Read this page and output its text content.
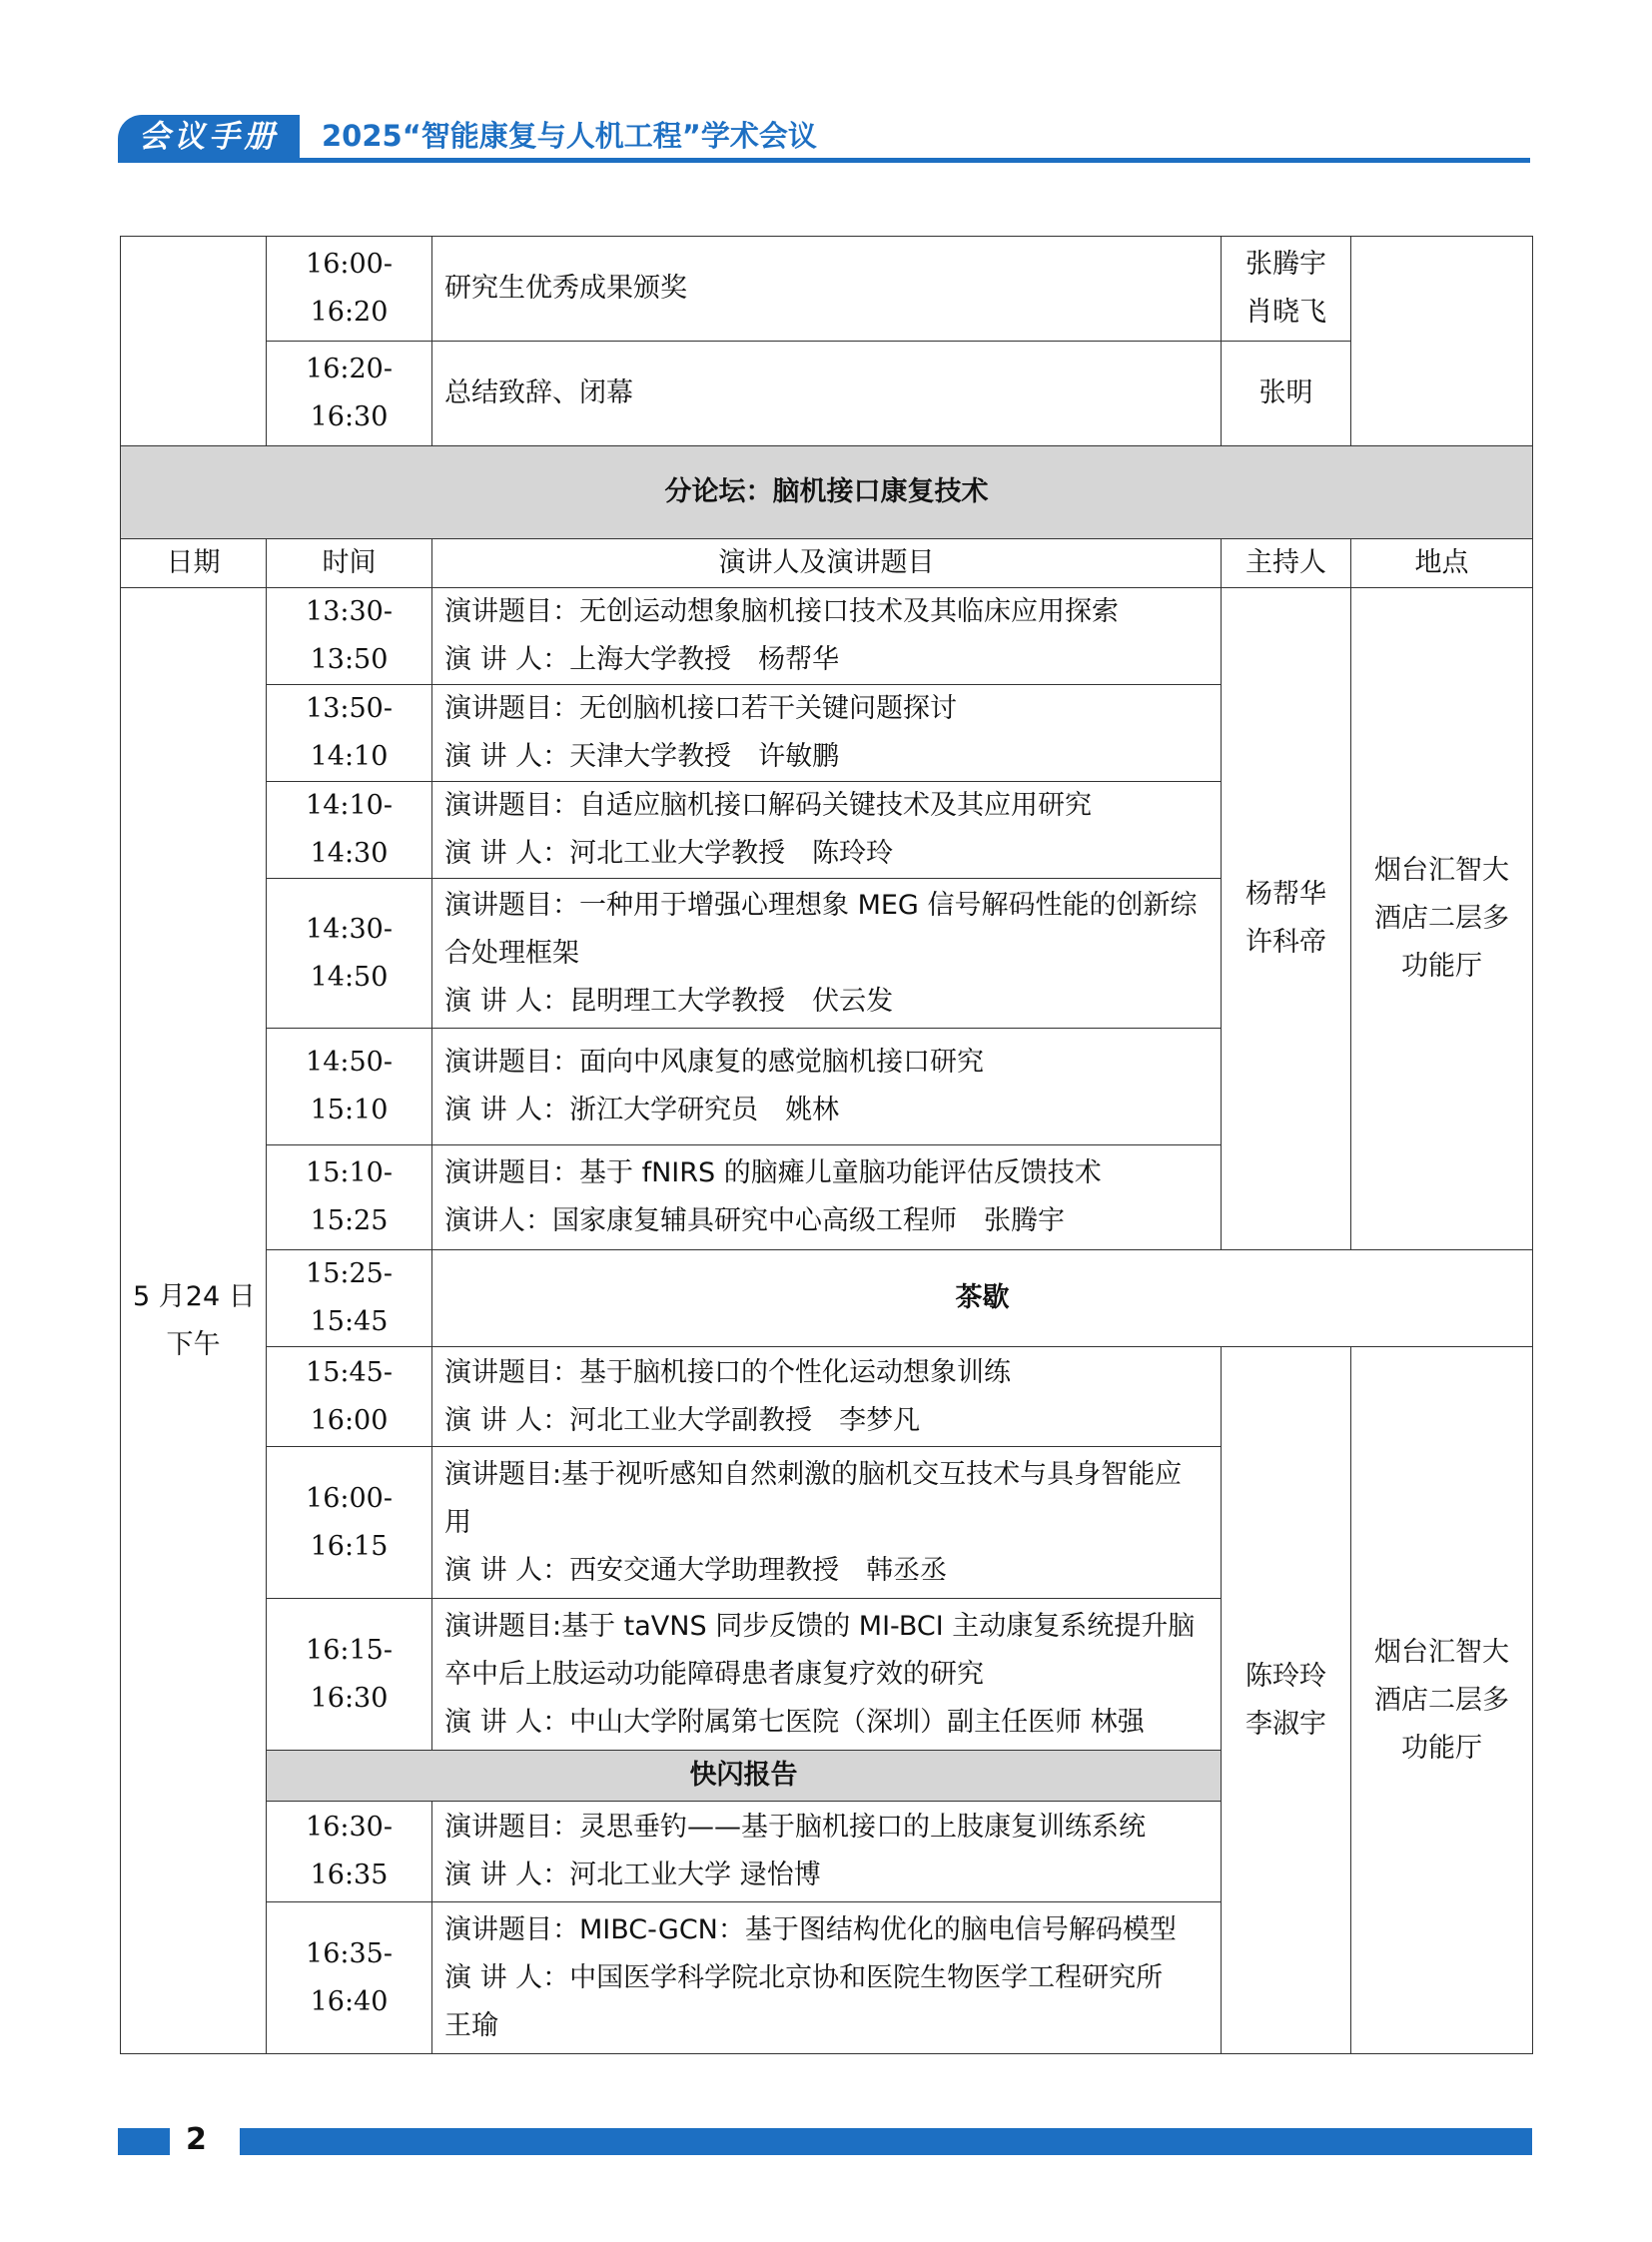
会议手册	2025“智能康复与人机工程”学术会议
	16:00-16:20	研究生优秀成果颁奖	张腾宇
肖晓飞	

	16:20-16:30	总结致辞、闭幕	张明	

分论坛：脑机接口康复技术				
日期	时间	演讲人及演讲题目	主持人	地点

5 月24 日
下午	13:30-13:50	演讲题目：无创运动想象脑机接口技术及其临床应用探索
演 讲 人：上海大学教授　杨帮华	杨帮华
许科帝	烟台汇智大
酒店二层多
功能厅

	13:50-14:10	演讲题目：无创脑机接口若干关键问题探讨
演 讲 人：天津大学教授　许敏鹏		

	14:10-14:30	演讲题目：自适应脑机接口解码关键技术及其应用研究
演 讲 人：河北工业大学教授　陈玲玲		

	14:30-14:50	演讲题目：一种用于增强心理想象 MEG 信号解码性能的创新综
合处理框架
演 讲 人：昆明理工大学教授　伏云发		

	14:50-15:10	演讲题目：面向中风康复的感觉脑机接口研究
演 讲 人：浙江大学研究员　姚林		

	15:10-15:25	演讲题目：基于 fNIRS 的脑瘫儿童脑功能评估反馈技术
演讲人：国家康复辅具研究中心高级工程师　张腾宇		

	15:25-15:45	茶歇		
	15:45-16:00	演讲题目：基于脑机接口的个性化运动想象训练
演 讲 人：河北工业大学副教授　李梦凡	陈玲玲
李淑宇	烟台汇智大
酒店二层多
功能厅

	16:00-16:15	演讲题目:基于视听感知自然刺激的脑机交互技术与具身智能应
用
演 讲 人：西安交通大学助理教授　韩丞丞		

	16:15-16:30	演讲题目:基于 taVNS 同步反馈的 MI-BCI 主动康复系统提升脑
卒中后上肢运动功能障碍患者康复疗效的研究
演 讲 人：中山大学附属第七医院（深圳）副主任医师 林强		

	快闪报告			
	16:30-16:35	演讲题目：灵思垂钓——基于脑机接口的上肢康复训练系统
演 讲 人：河北工业大学 逯怡博		

	16:35-16:40	演讲题目：MIBC-GCN：基于图结构优化的脑电信号解码模型
演 讲 人：中国医学科学院北京协和医院生物医学工程研究所
王瑜		
2
